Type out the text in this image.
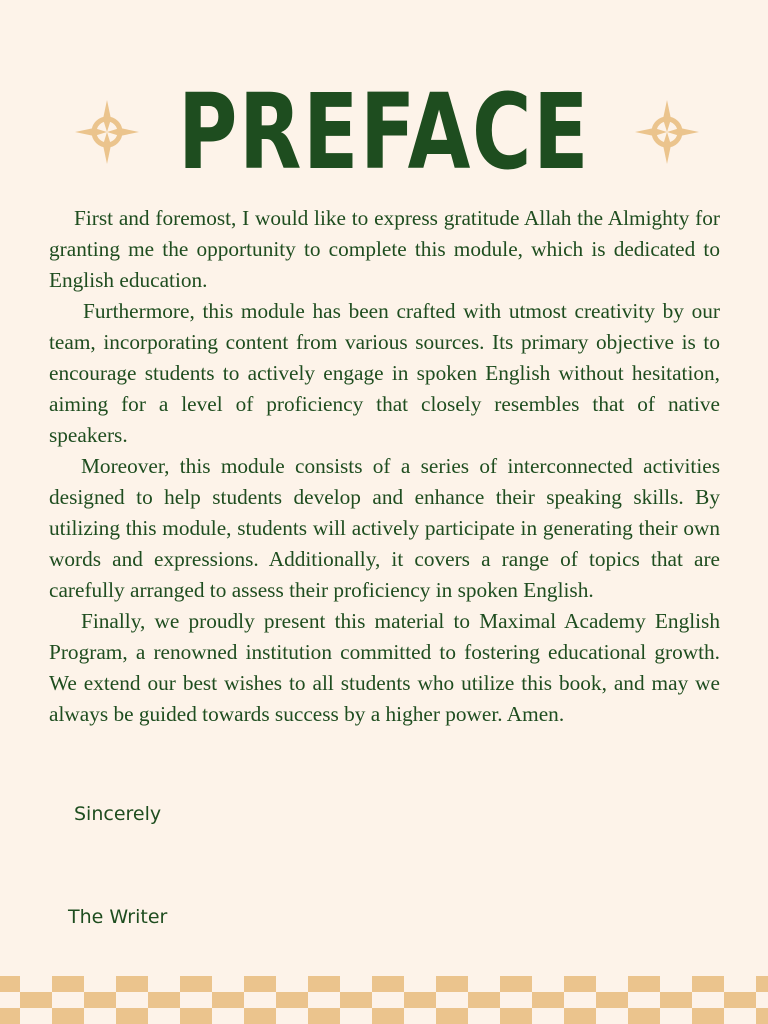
PREFACE

First and foremost, I would like to express gratitude Allah the Almighty for granting me the opportunity to complete this module, which is dedicated to English education.

Furthermore, this module has been crafted with utmost creativity by our team, incorporating content from various sources. Its primary objective is to encourage students to actively engage in spoken English without hesitation, aiming for a level of proficiency that closely resembles that of native speakers.

Moreover, this module consists of a series of interconnected activities designed to help students develop and enhance their speaking skills. By utilizing this module, students will actively participate in generating their own words and expressions. Additionally, it covers a range of topics that are carefully arranged to assess their proficiency in spoken English.

Finally, we proudly present this material to Maximal Academy English Program, a renowned institution committed to fostering educational growth. We extend our best wishes to all students who utilize this book, and may we always be guided towards success by a higher power. Amen.

Sincerely
The Writer
